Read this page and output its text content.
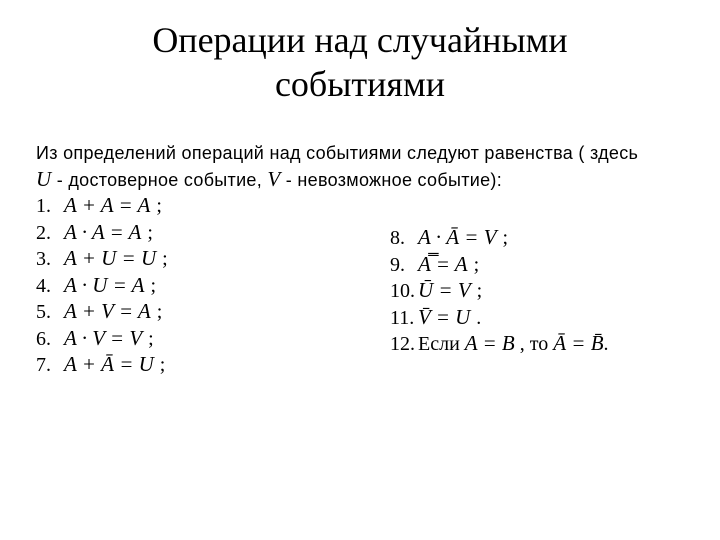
Операции над случайными
событиями
Из определений операций над событиями следуют равенства ( здесь
U - достоверное событие, V - невозможное событие):
1. A + A = A ;
2. A · A = A ;
3. A + U = U ;
4. A · U = A ;
5. A + V = A ;
6. A · V = V ;
7. A + Ā = U ;
8. A · Ā = V ;
9. A̿ = A ;
10. Ū = V ;
11. V̄ = U .
12. Если A = B , то Ā = B̄.
